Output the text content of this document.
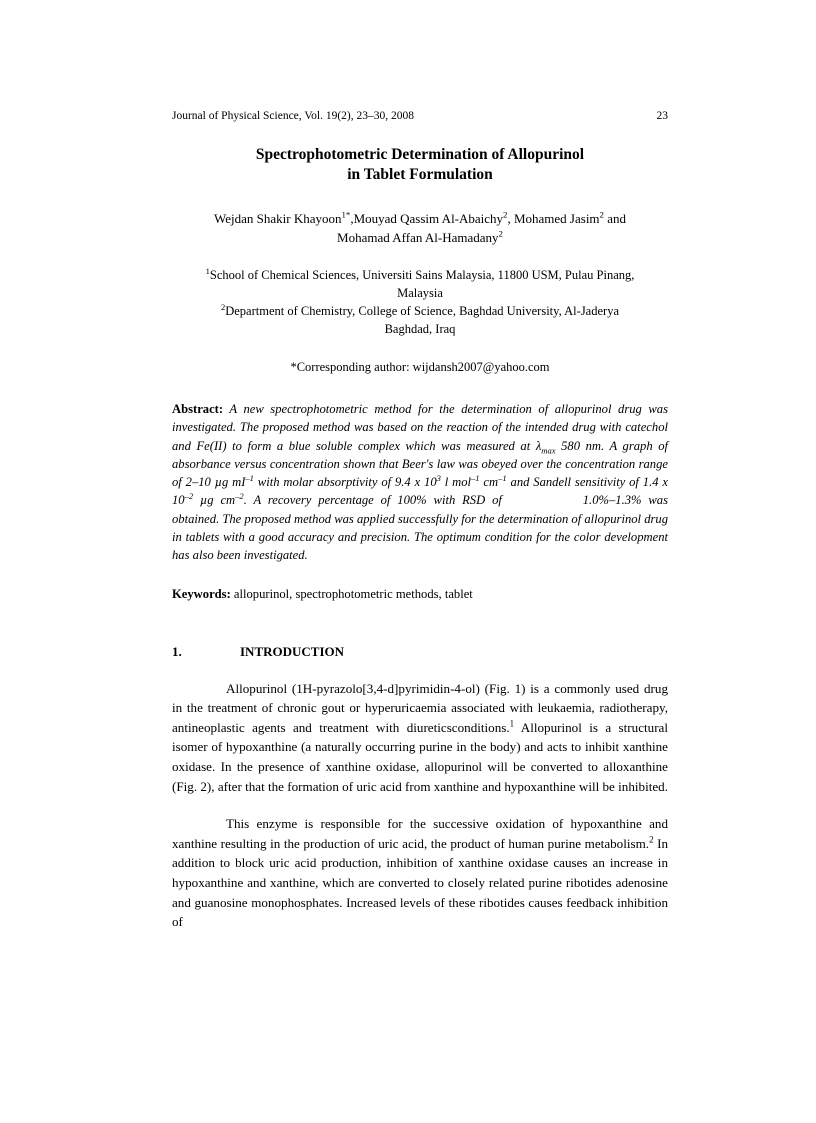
Journal of Physical Science, Vol. 19(2), 23–30, 2008	23
Spectrophotometric Determination of Allopurinol
in Tablet Formulation
Wejdan Shakir Khayoon$^{1*}$,Mouyad Qassim Al-Abaichy$^2$, Mohamed Jasim$^2$ and
Mohamad Affan Al-Hamadany$^2$
$^1$School of Chemical Sciences, Universiti Sains Malaysia, 11800 USM, Pulau Pinang,
Malaysia
$^2$Department of Chemistry, College of Science, Baghdad University, Al-Jaderya
Baghdad, Iraq
*Corresponding author: wijdansh2007@yahoo.com
Abstract: A new spectrophotometric method for the determination of allopurinol drug was investigated. The proposed method was based on the reaction of the intended drug with catechol and Fe(II) to form a blue soluble complex which was measured at $\lambda_{max}$ 580 nm. A graph of absorbance versus concentration shown that Beer's law was obeyed over the concentration range of 2–10 µg $mI^{-1}$ with molar absorptivity of 9.4 x $10^3$ l mol$^{-1}$ $cm^{-1}$ and Sandell sensitivity of 1.4 x $10^{-2}$ µg $cm^{-2}$. A recovery percentage of 100% with RSD of	1.0%–1.3% was obtained. The proposed method was applied successfully for the determination of allopurinol drug in tablets with a good accuracy and precision. The optimum condition for the color development has also been investigated.
Keywords: allopurinol, spectrophotometric methods, tablet
1.	INTRODUCTION
Allopurinol (1H-pyrazolo[3,4-d]pyrimidin-4-ol) (Fig. 1) is a commonly used drug in the treatment of chronic gout or hyperuricaemia associated with leukaemia, radiotherapy, antineoplastic agents and treatment with diureticsconditions.$^1$ Allopurinol is a structural isomer of hypoxanthine (a naturally occurring purine in the body) and acts to inhibit xanthine oxidase. In the presence of xanthine oxidase, allopurinol will be converted to alloxanthine (Fig. 2), after that the formation of uric acid from xanthine and hypoxanthine will be inhibited.
This enzyme is responsible for the successive oxidation of hypoxanthine and xanthine resulting in the production of uric acid, the product of human purine metabolism.$^2$ In addition to block uric acid production, inhibition of xanthine oxidase causes an increase in hypoxanthine and xanthine, which are converted to closely related purine ribotides adenosine and guanosine monophosphates. Increased levels of these ribotides causes feedback inhibition of
